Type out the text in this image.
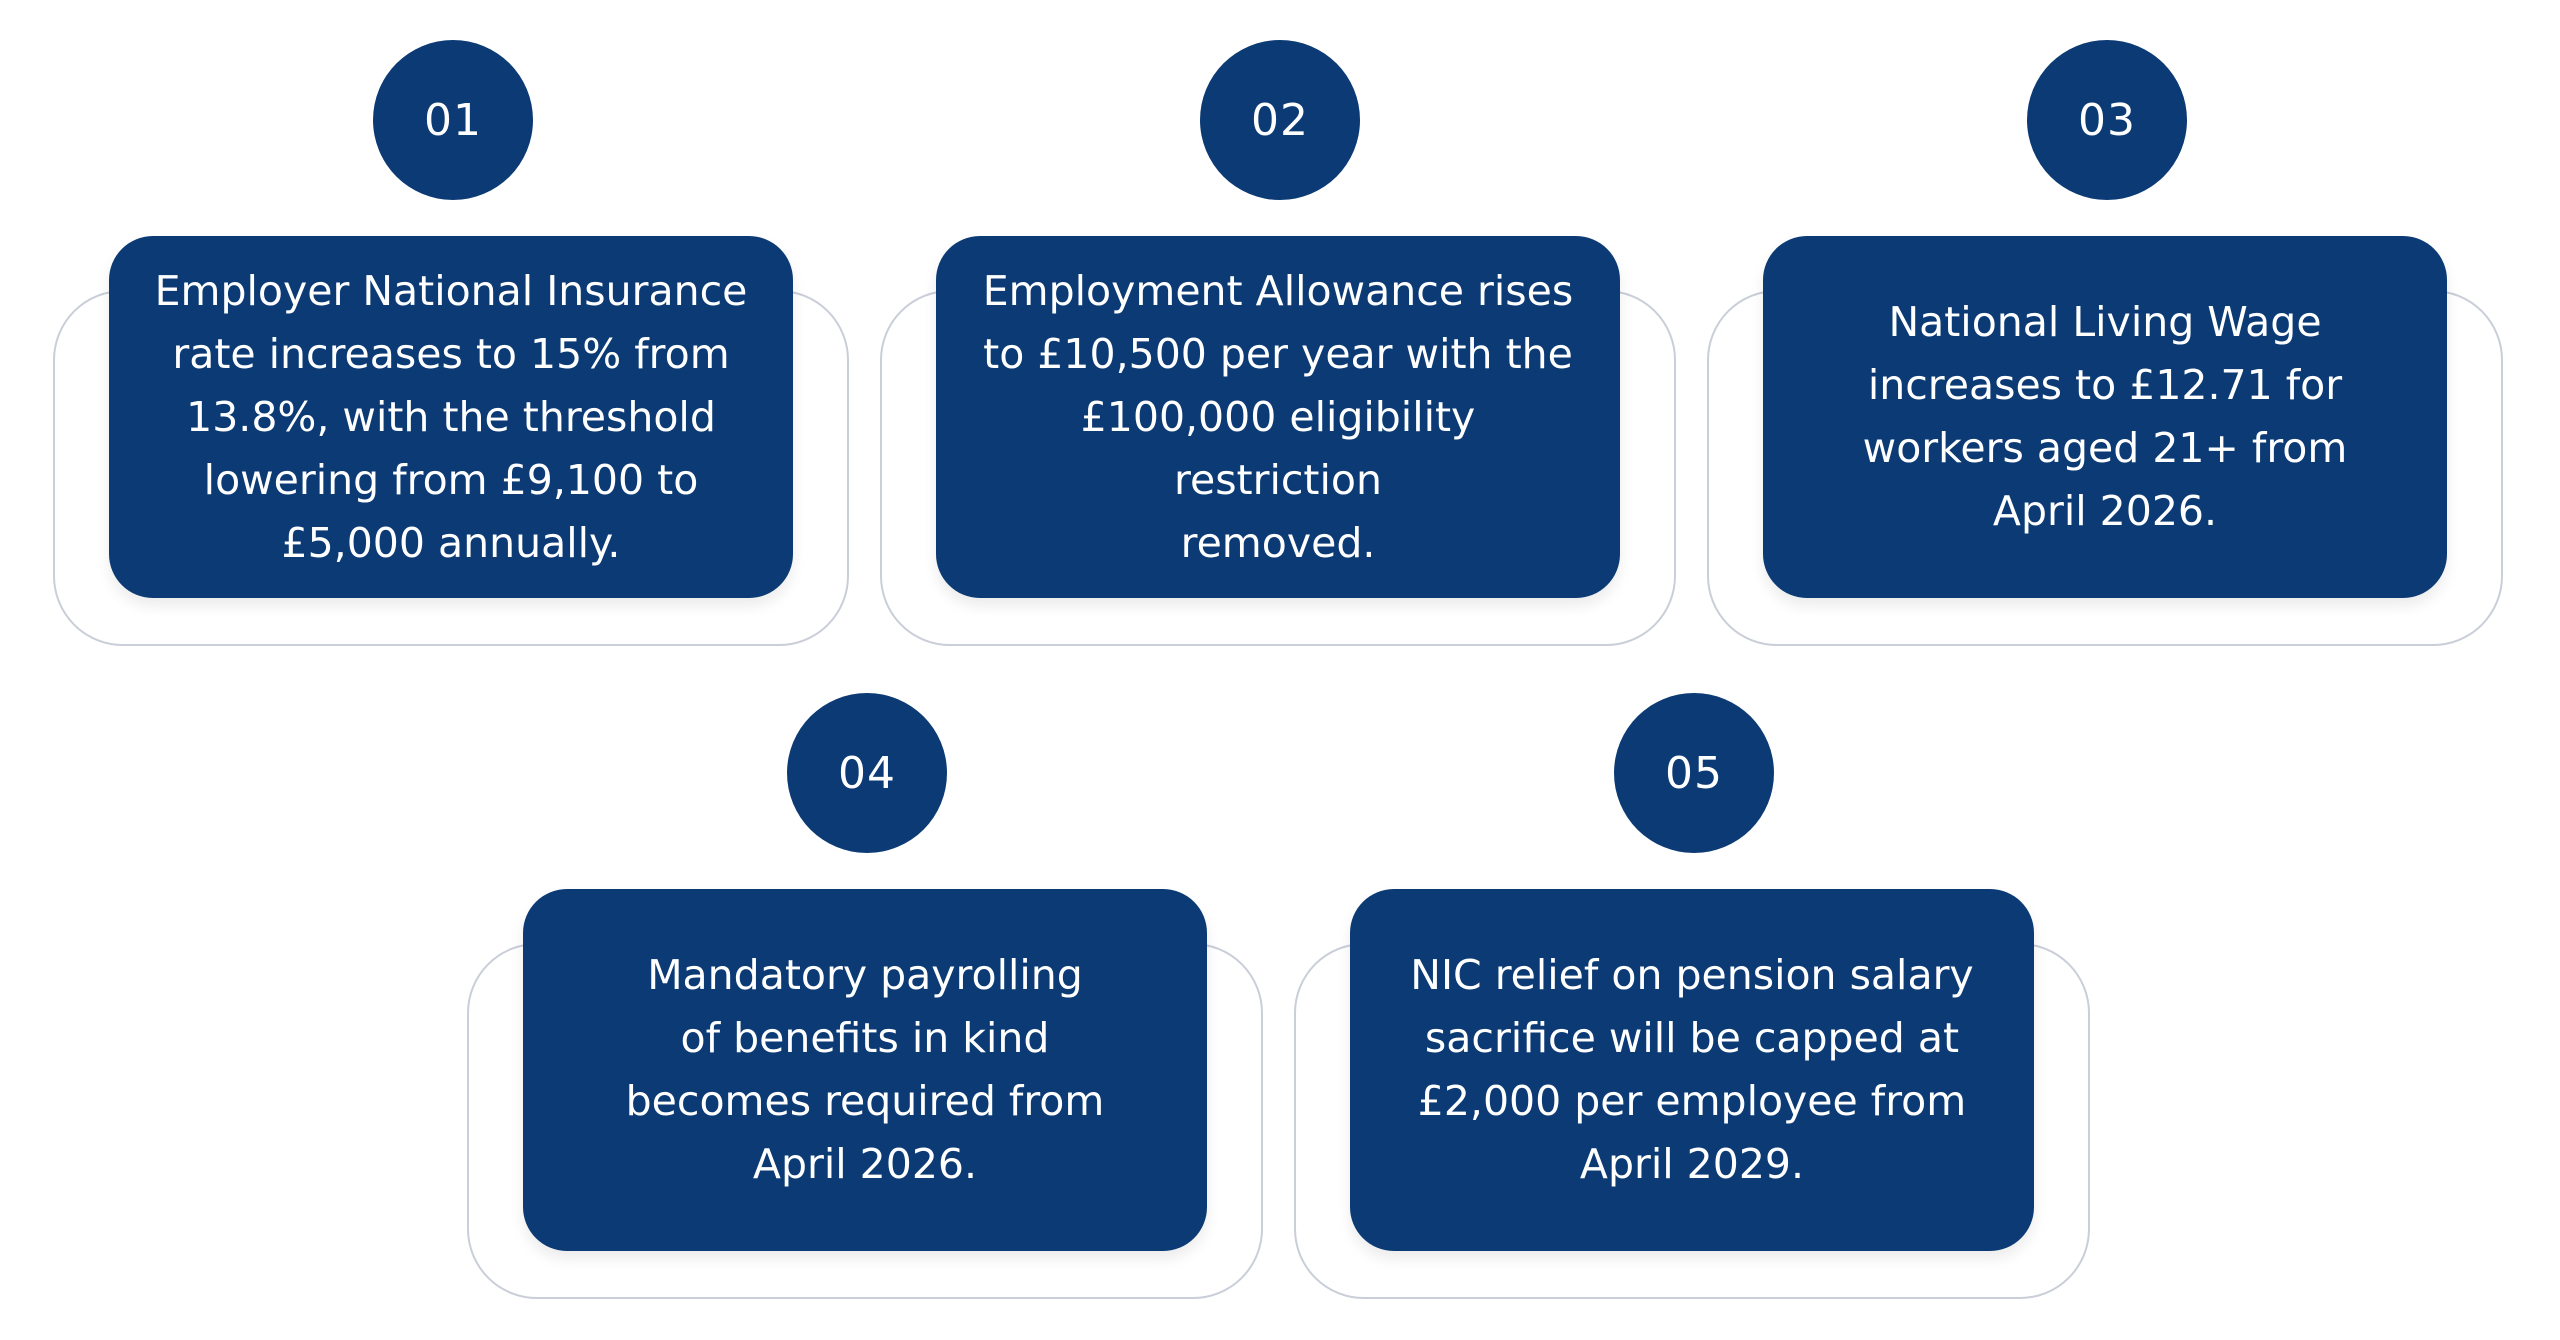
01
Employer National Insurance
rate increases to 15% from
13.8%, with the threshold
lowering from £9,100 to
£5,000 annually.
02
Employment Allowance rises
to £10,500 per year with the
£100,000 eligibility restriction
removed.
03
National Living Wage
increases to £12.71 for
workers aged 21+ from
April 2026.
04
Mandatory payrolling
of benefits in kind
becomes required from
April 2026.
05
NIC relief on pension salary
sacrifice will be capped at
£2,000 per employee from
April 2029.
